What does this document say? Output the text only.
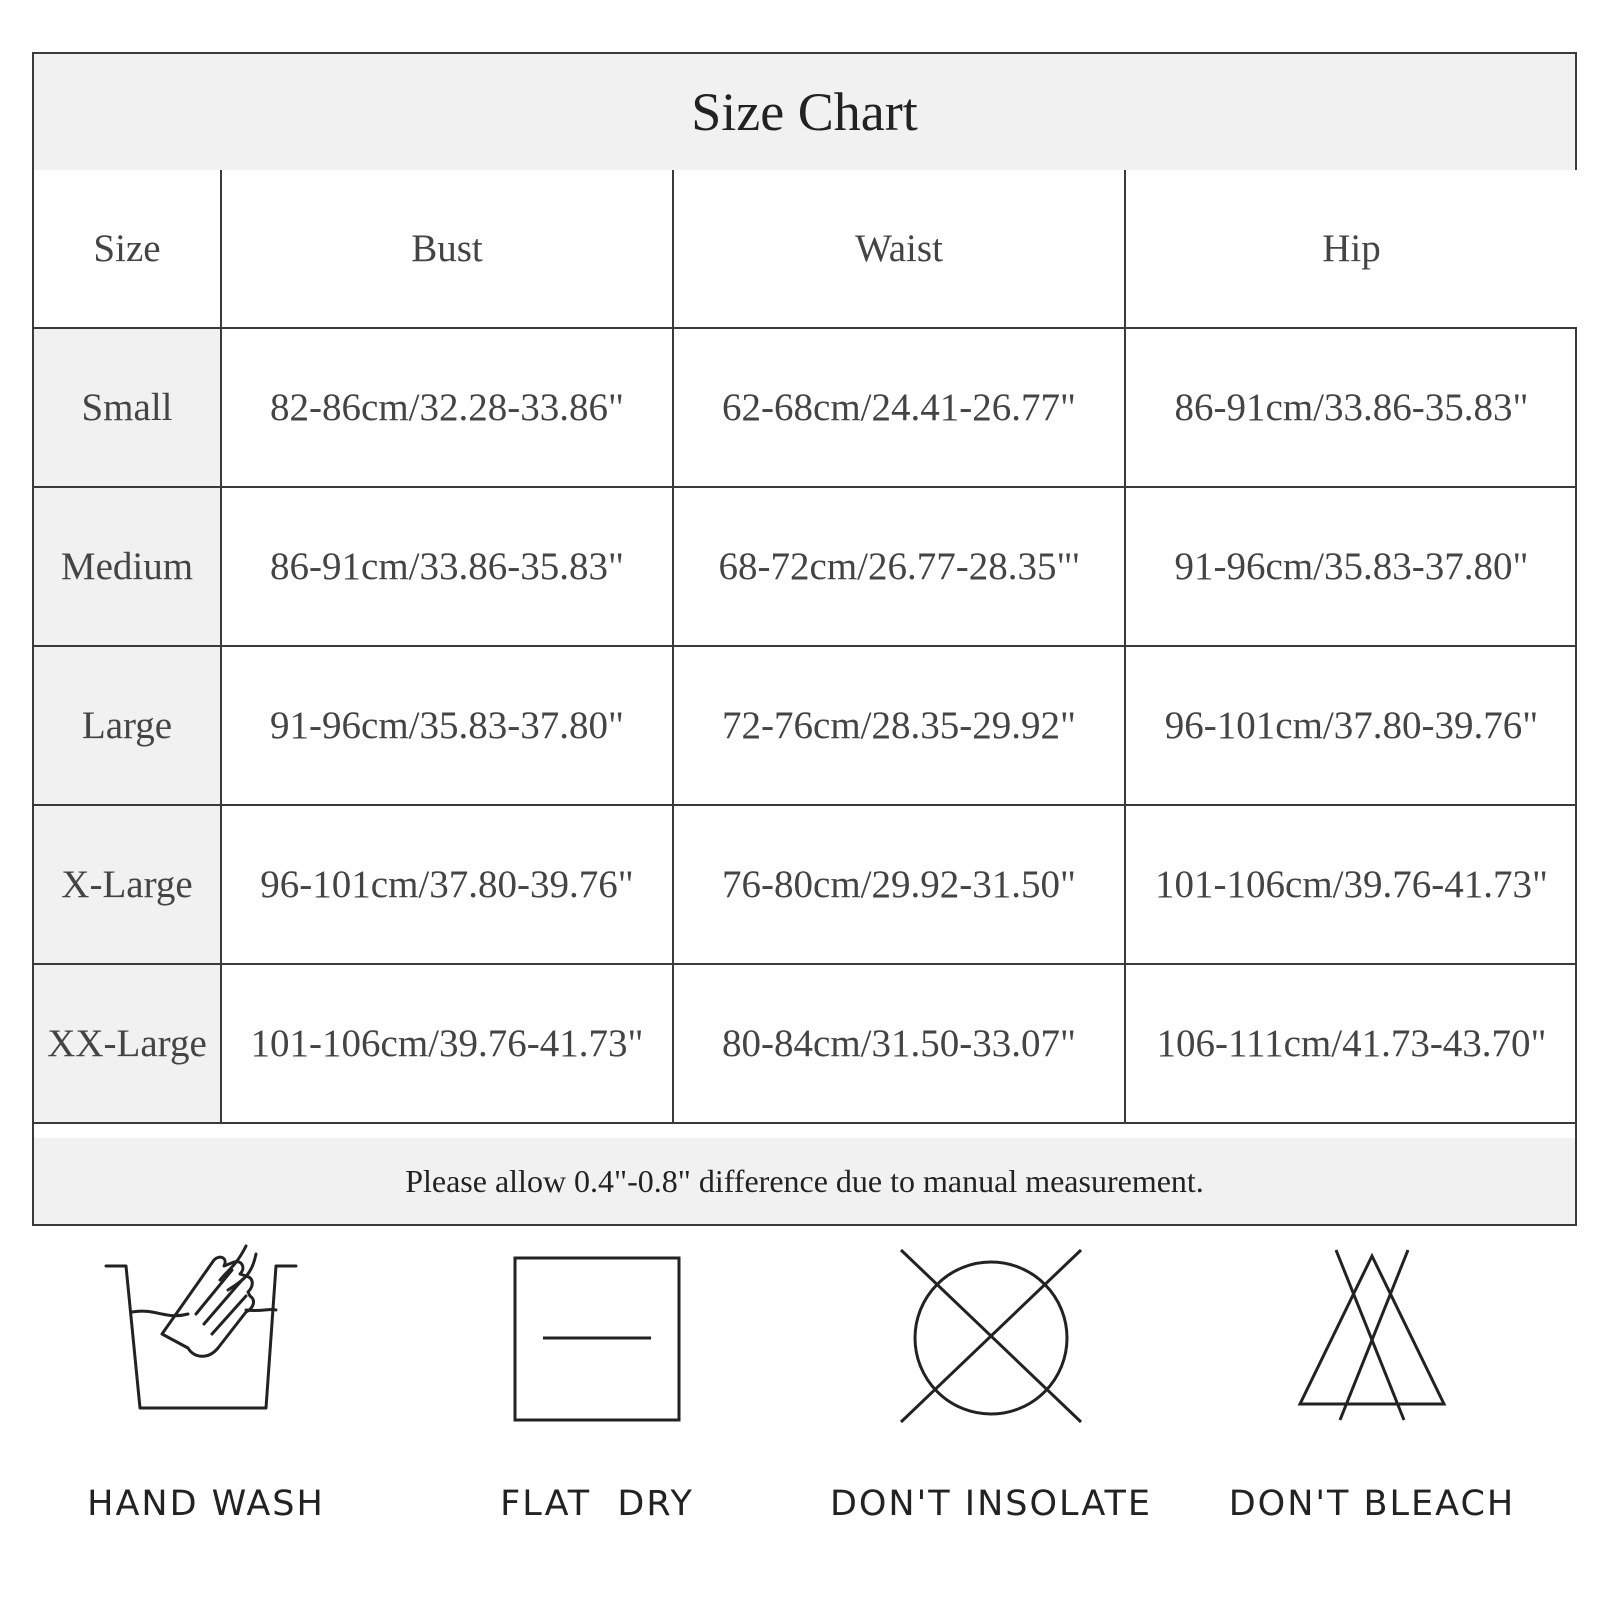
Size Chart
Size	Bust	Waist	Hip
Small	82-86cm/32.28-33.86"	62-68cm/24.41-26.77"	86-91cm/33.86-35.83"
Medium	86-91cm/33.86-35.83"	68-72cm/26.77-28.35"'	91-96cm/35.83-37.80"
Large	91-96cm/35.83-37.80"	72-76cm/28.35-29.92"	96-101cm/37.80-39.76"
X-Large	96-101cm/37.80-39.76"	76-80cm/29.92-31.50"	101-106cm/39.76-41.73"
XX-Large	101-106cm/39.76-41.73"	80-84cm/31.50-33.07"	106-111cm/41.73-43.70"
Please allow 0.4"-0.8" difference due to manual measurement.
HAND WASH	FLAT  DRY	DON'T INSOLATE	DON'T BLEACH
